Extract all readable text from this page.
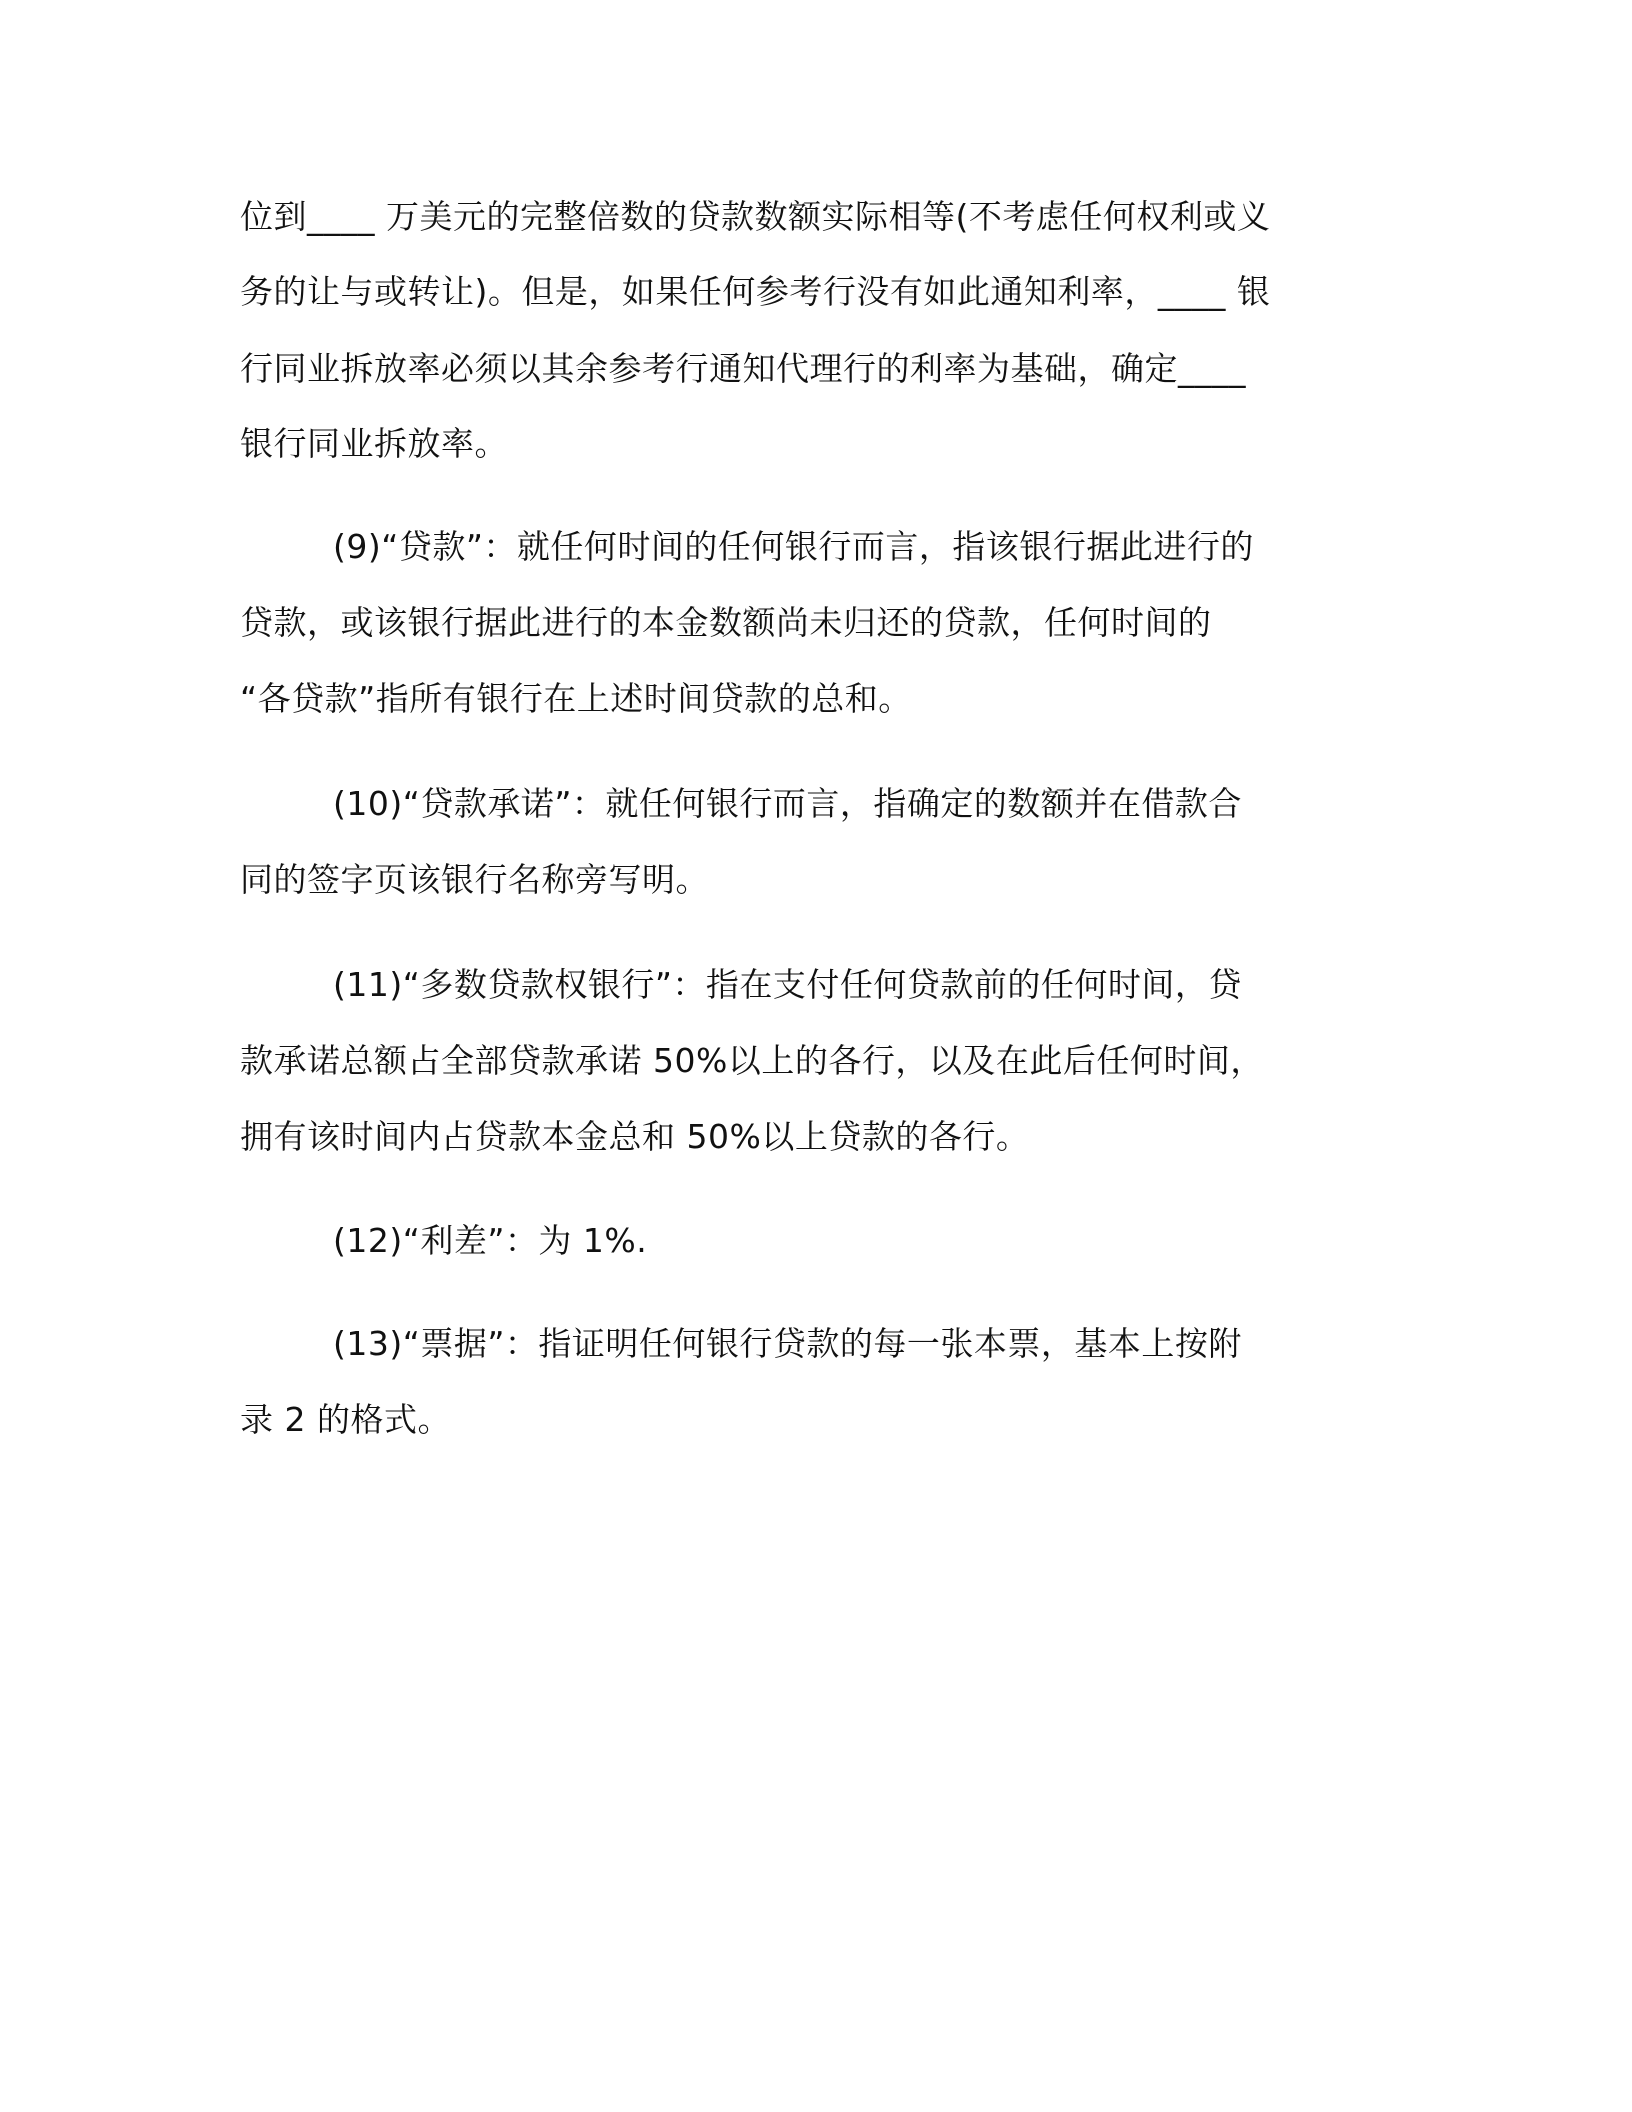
位到____ 万美元的完整倍数的贷款数额实际相等(不考虑任何权利或义
务的让与或转让)。但是，如果任何参考行没有如此通知利率，____ 银
行同业拆放率必须以其余参考行通知代理行的利率为基础，确定____
银行同业拆放率。
(9)“贷款”：就任何时间的任何银行而言，指该银行据此进行的
贷款，或该银行据此进行的本金数额尚未归还的贷款，任何时间的
“各贷款”指所有银行在上述时间贷款的总和。
(10)“贷款承诺”：就任何银行而言，指确定的数额并在借款合
同的签字页该银行名称旁写明。
(11)“多数贷款权银行”：指在支付任何贷款前的任何时间，贷
款承诺总额占全部贷款承诺 50%以上的各行，以及在此后任何时间，
拥有该时间内占贷款本金总和 50%以上贷款的各行。
(12)“利差”：为 1%.
(13)“票据”：指证明任何银行贷款的每一张本票，基本上按附
录 2 的格式。
